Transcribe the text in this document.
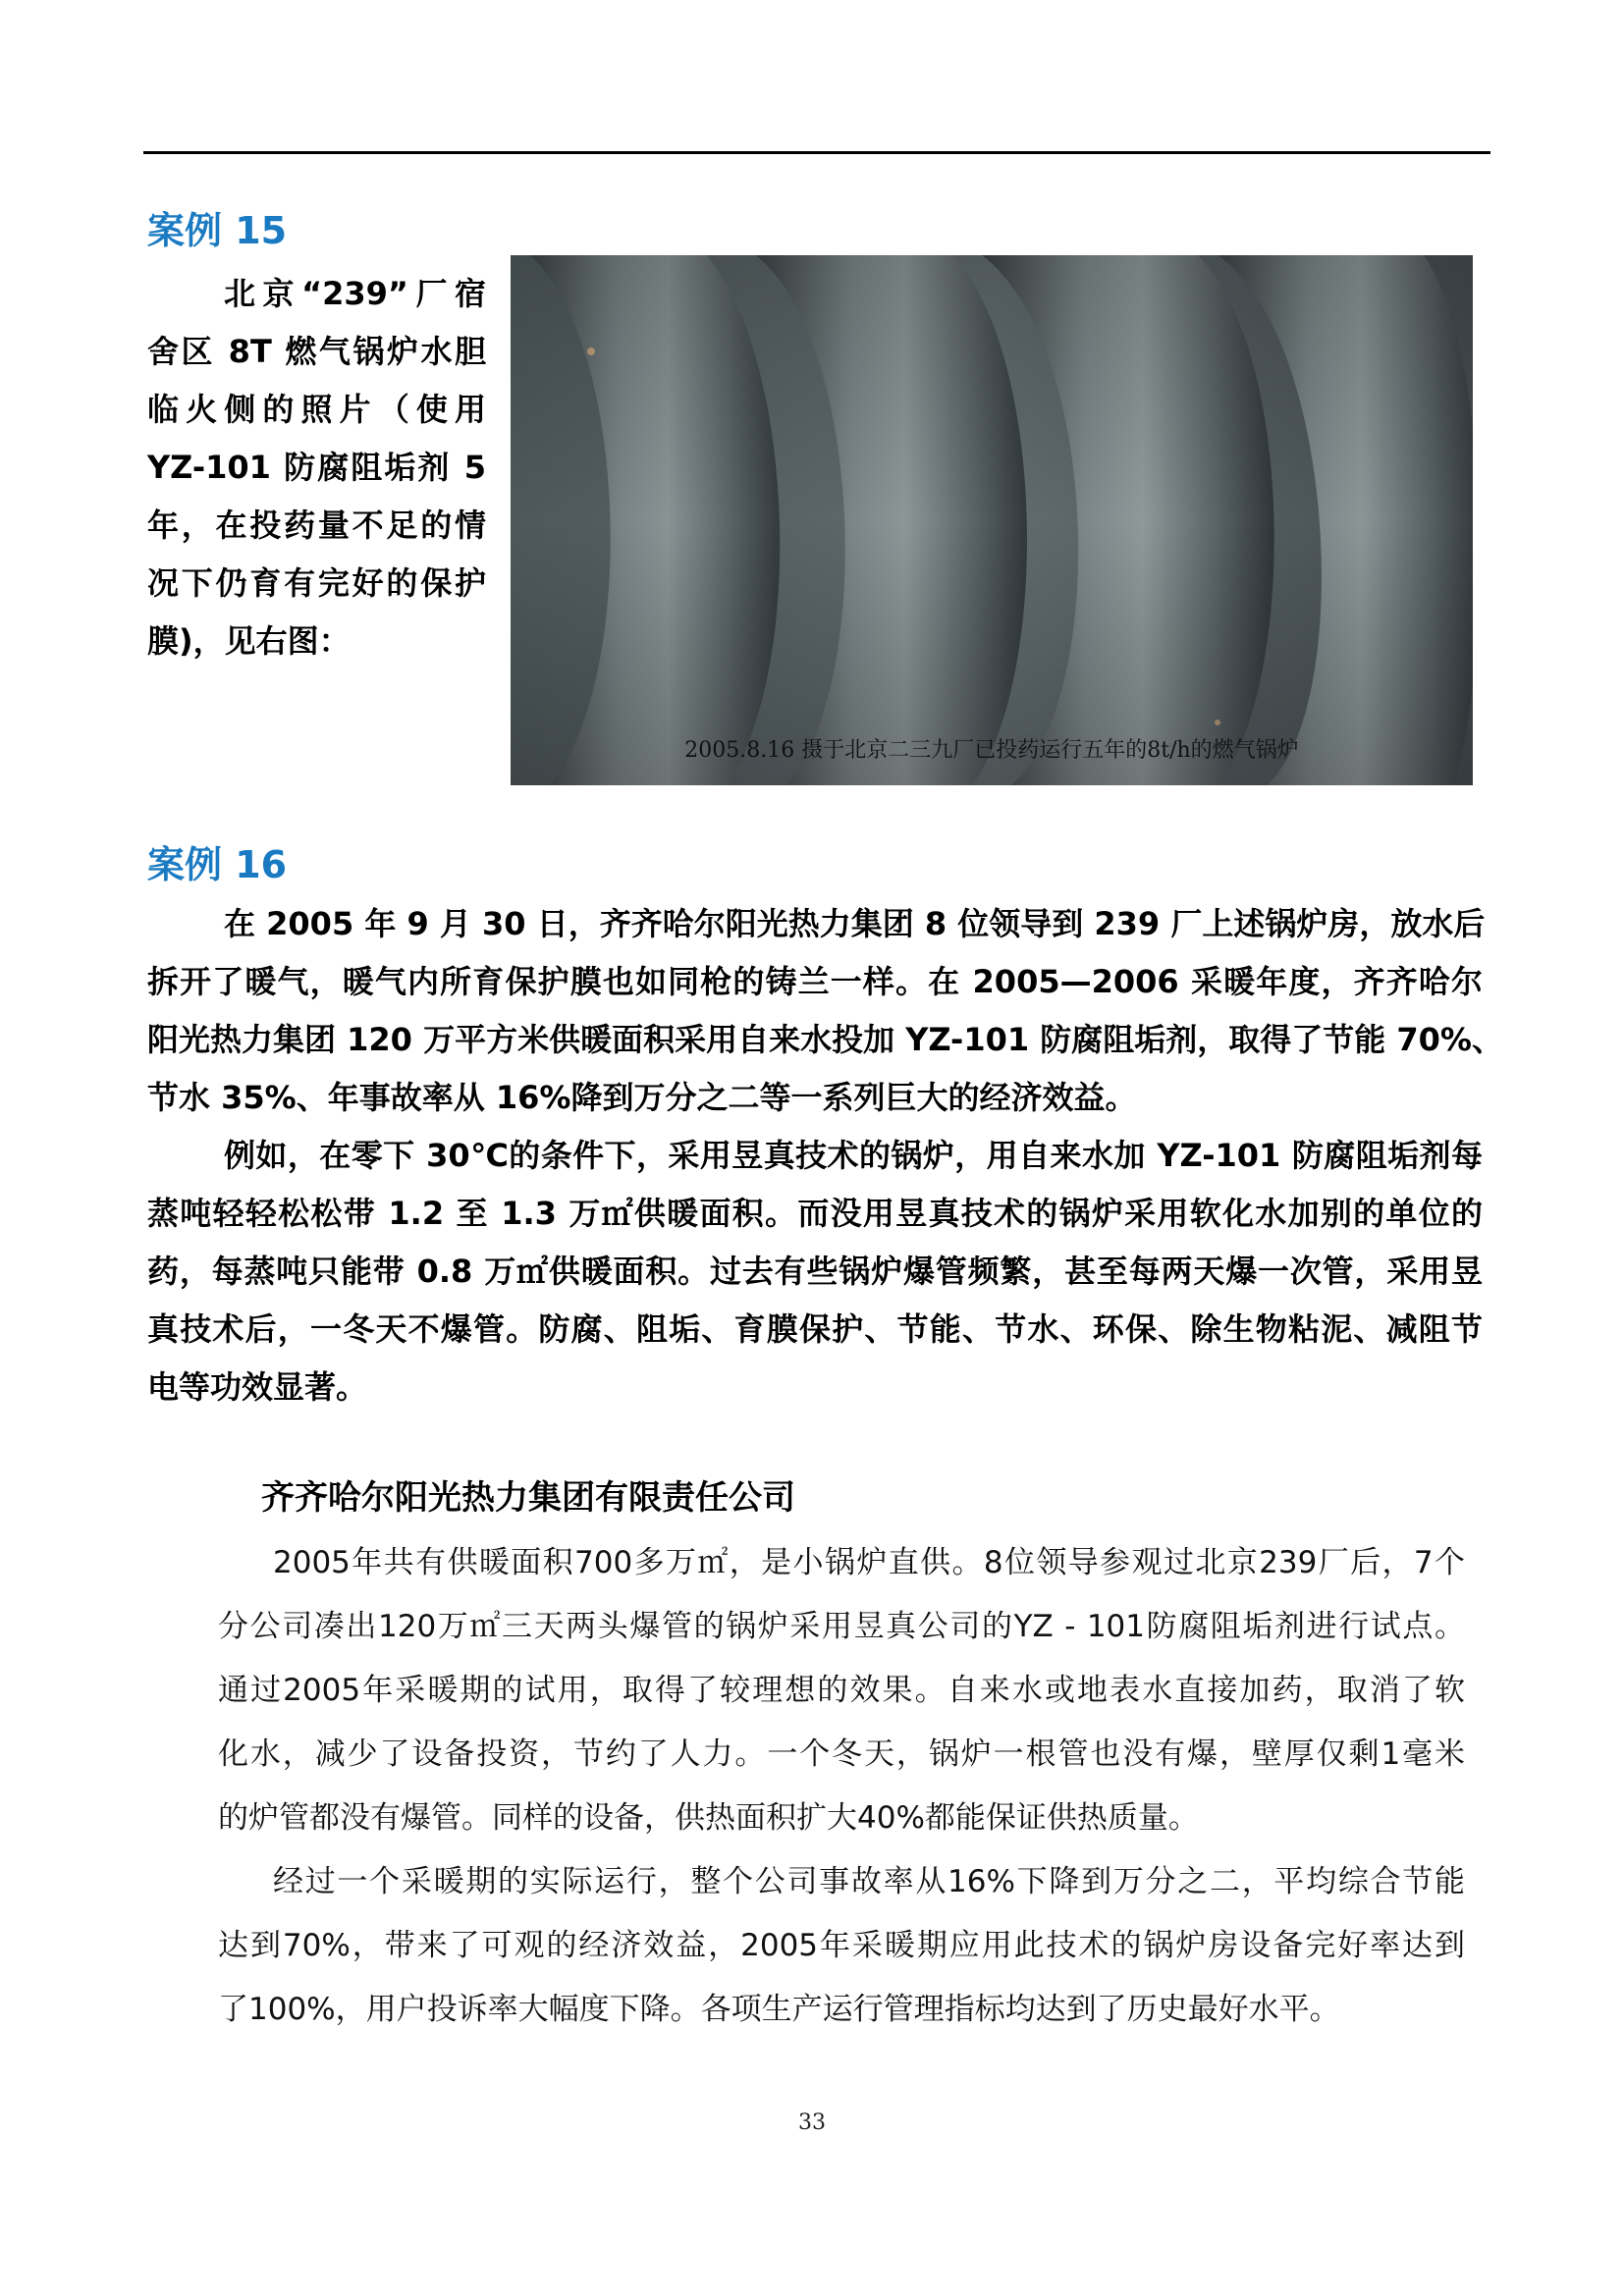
案例 15
北京“239”厂宿
舍区 8T 燃气锅炉水胆
临火侧的照片（使用
YZ-101 防腐阻垢剂 5
年，在投药量不足的情
况下仍育有完好的保护
膜)，见右图：
2005.8.16 摄于北京二三九厂已投药运行五年的8t/h的燃气锅炉
案例 16
在 2005 年 9 月 30 日，齐齐哈尔阳光热力集团 8 位领导到 239 厂上述锅炉房，放水后
拆开了暖气，暖气内所育保护膜也如同枪的铸兰一样。在 2005—2006 采暖年度，齐齐哈尔
阳光热力集团 120 万平方米供暖面积采用自来水投加 YZ-101 防腐阻垢剂，取得了节能 70%、
节水 35%、年事故率从 16%降到万分之二等一系列巨大的经济效益。
例如，在零下 30℃的条件下，采用昱真技术的锅炉，用自来水加 YZ-101 防腐阻垢剂每
蒸吨轻轻松松带 1.2 至 1.3 万㎡供暖面积。而没用昱真技术的锅炉采用软化水加别的单位的
药，每蒸吨只能带 0.8 万㎡供暖面积。过去有些锅炉爆管频繁，甚至每两天爆一次管，采用昱
真技术后，一冬天不爆管。防腐、阻垢、育膜保护、节能、节水、环保、除生物粘泥、减阻节
电等功效显著。
齐齐哈尔阳光热力集团有限责任公司
2005年共有供暖面积700多万㎡，是小锅炉直供。8位领导参观过北京239厂后，7个
分公司凑出120万㎡三天两头爆管的锅炉采用昱真公司的YZ - 101防腐阻垢剂进行试点。
通过2005年采暖期的试用，取得了较理想的效果。自来水或地表水直接加药，取消了软
化水，减少了设备投资，节约了人力。一个冬天，锅炉一根管也没有爆，壁厚仅剩1毫米
的炉管都没有爆管。同样的设备，供热面积扩大40%都能保证供热质量。
经过一个采暖期的实际运行，整个公司事故率从16%下降到万分之二，平均综合节能
达到70%，带来了可观的经济效益，2005年采暖期应用此技术的锅炉房设备完好率达到
了100%，用户投诉率大幅度下降。各项生产运行管理指标均达到了历史最好水平。
33
